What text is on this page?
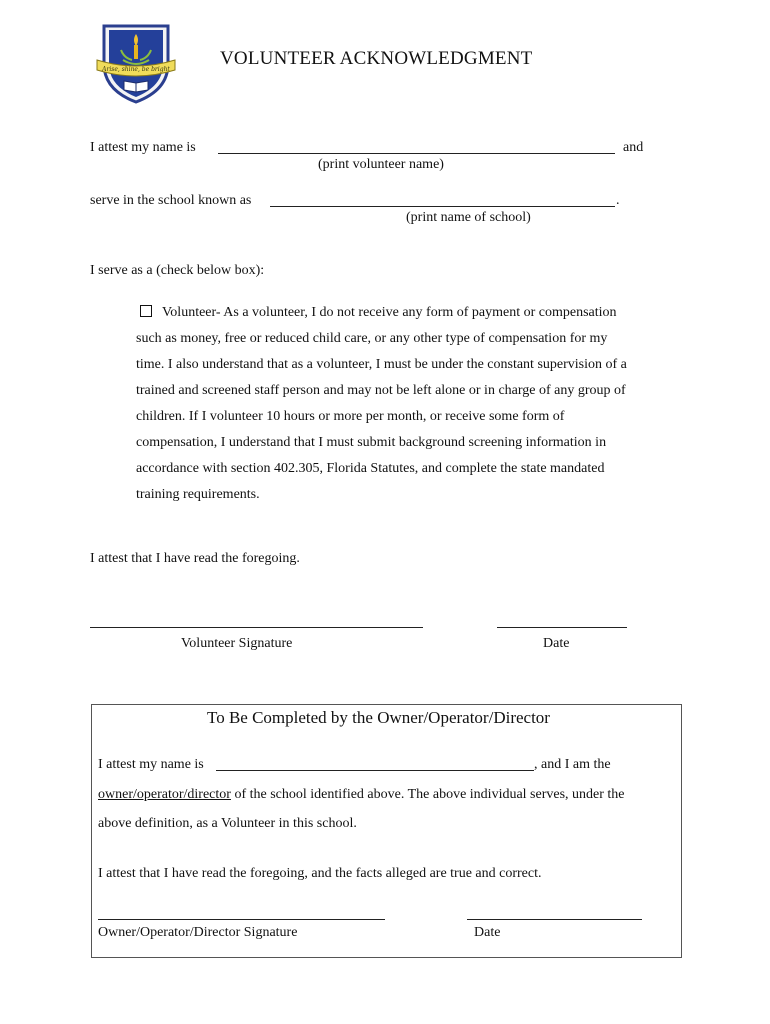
Arise, shine, be bright
VOLUNTEER ACKNOWLEDGMENT
I attest my name is	and
(print volunteer name)
serve in the school known as	.
(print name of school)
I serve as a (check below box):

Volunteer- As a volunteer, I do not receive any form of payment or compensation

such as money, free or reduced child care, or any other type of compensation for my

time. I also understand that as a volunteer, I must be under the constant supervision of a

trained and screened staff person and may not be left alone or in charge of any group of

children. If I volunteer 10 hours or more per month, or receive some form of

compensation, I understand that I must submit background screening information in

accordance with section 402.305, Florida Statutes, and complete the state mandated

training requirements.

I attest that I have read the foregoing.
Volunteer Signature	Date
To Be Completed by the Owner/Operator/Director
I attest my name is	, and I am the
owner/operator/director of the school identified above. The above individual serves, under the
above definition, as a Volunteer in this school.
I attest that I have read the foregoing, and the facts alleged are true and correct.
Owner/Operator/Director Signature	Date
